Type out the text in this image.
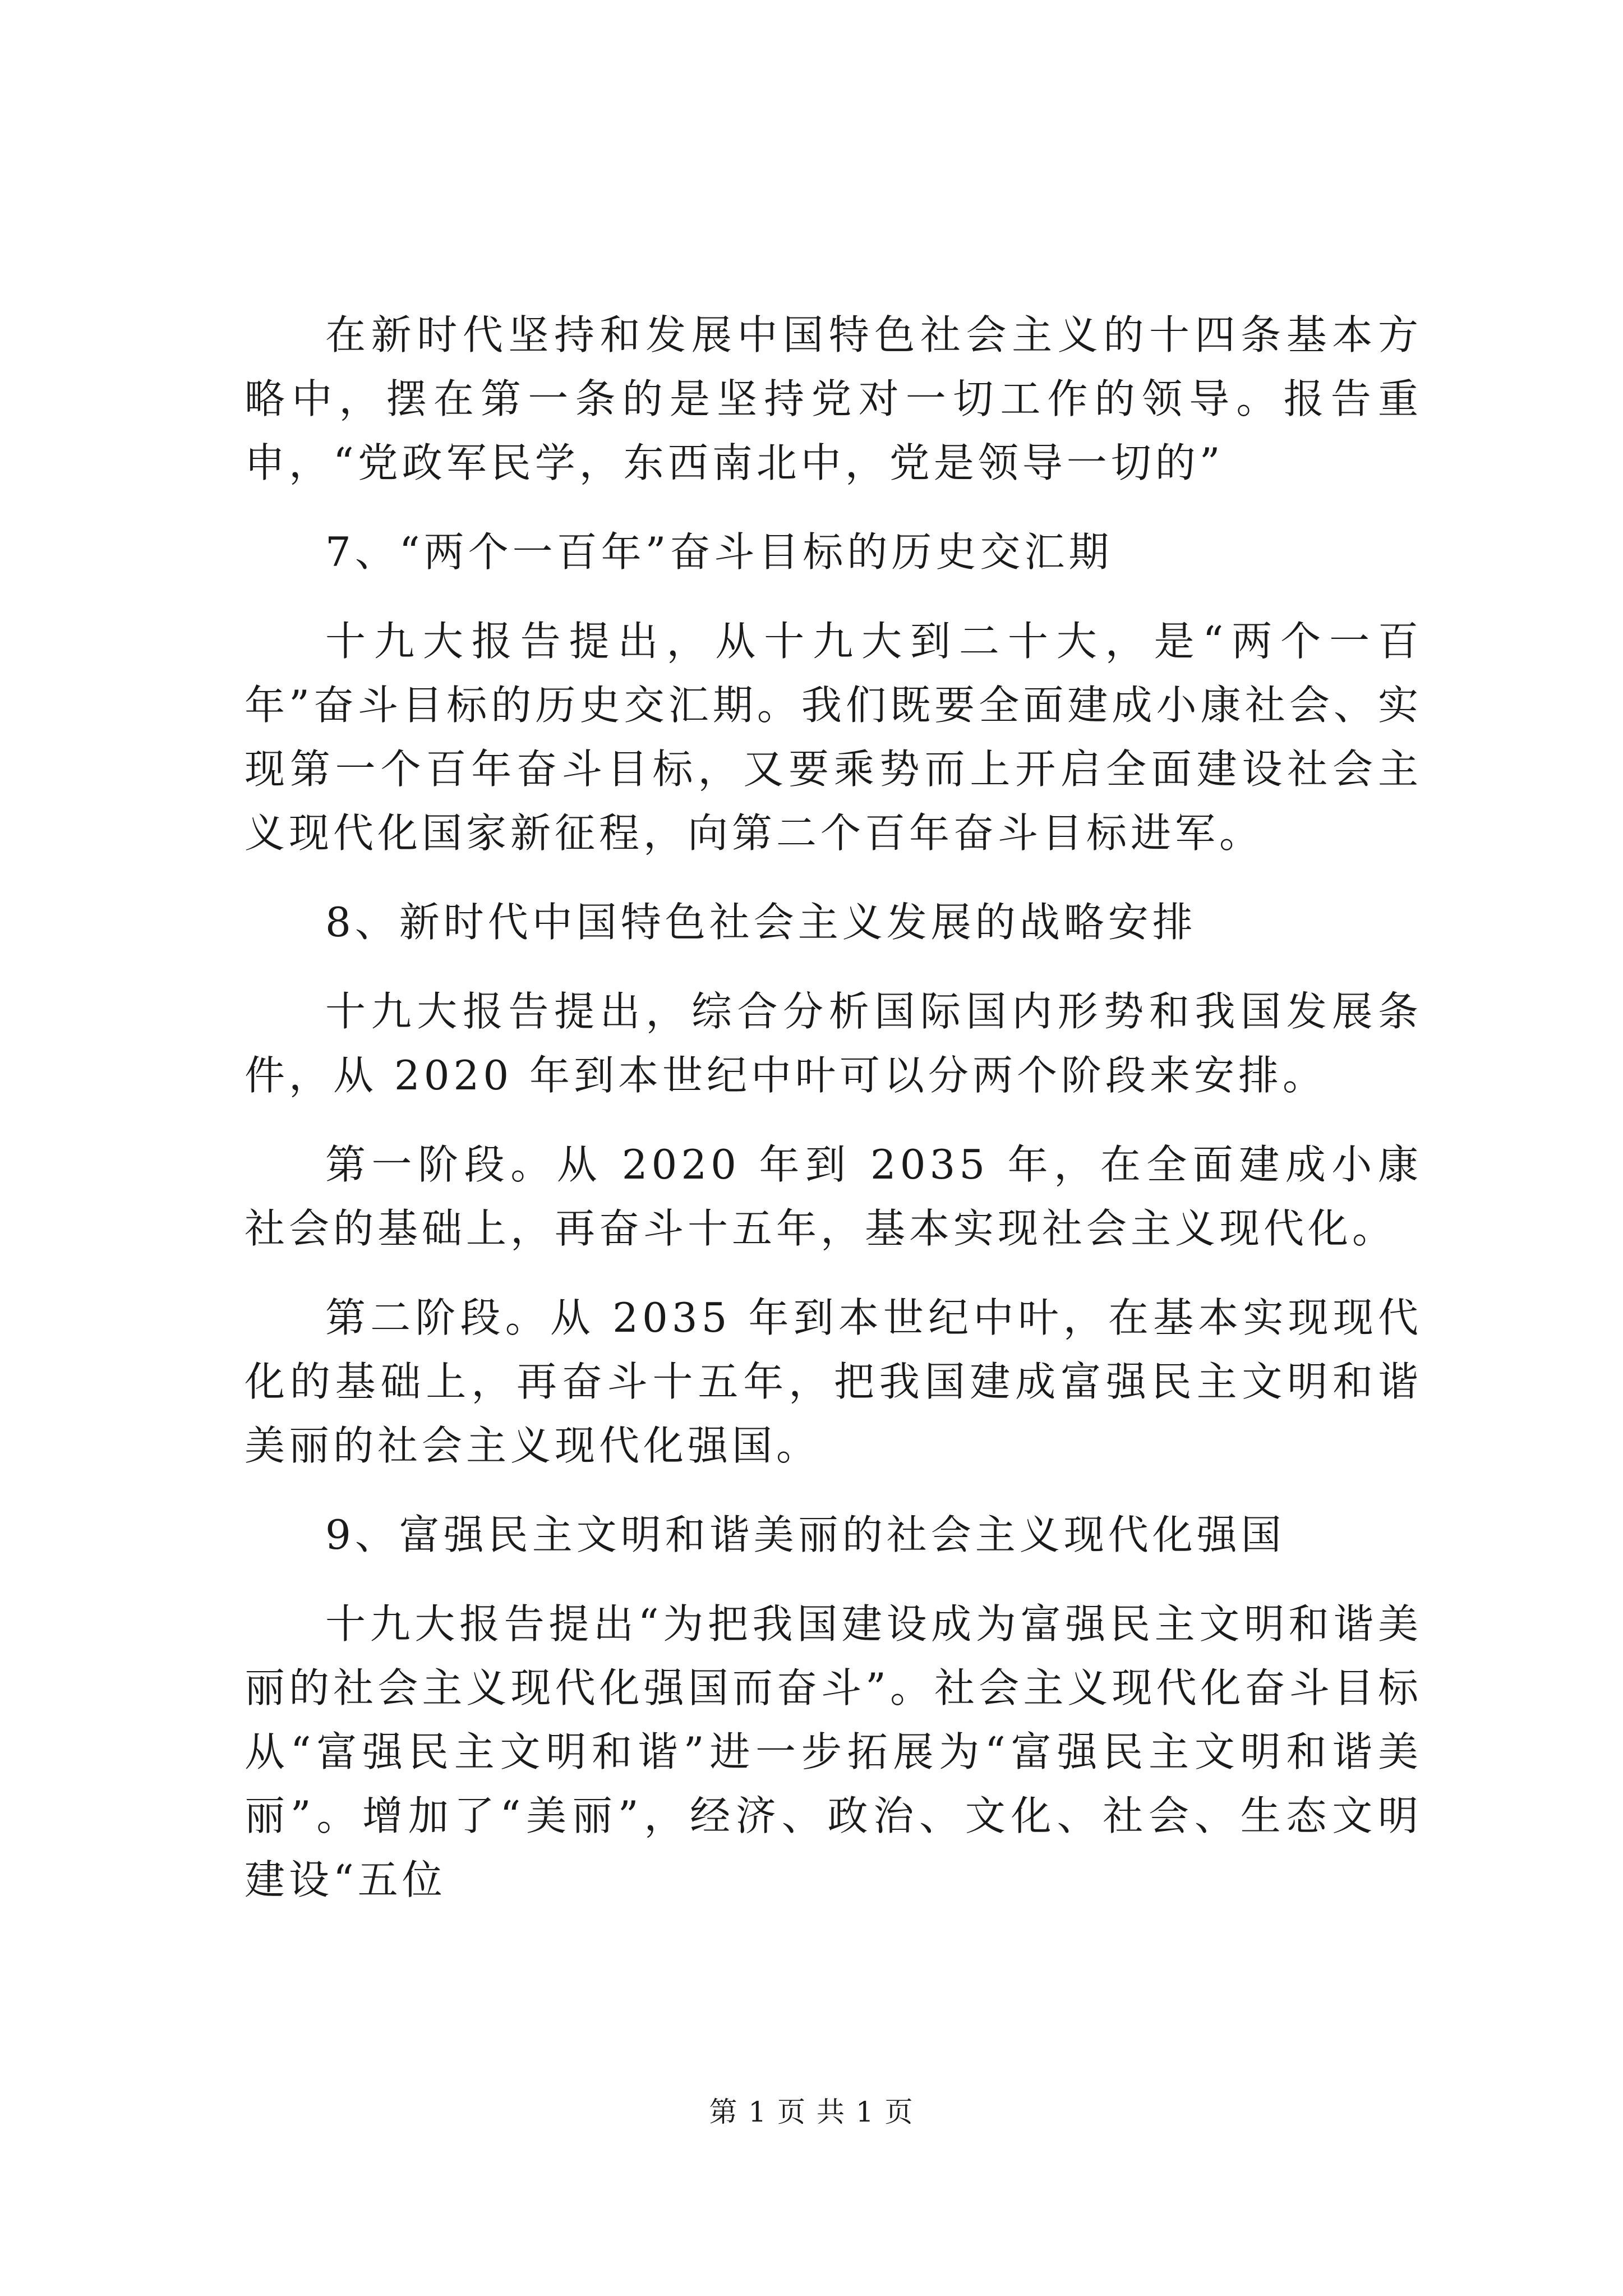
在新时代坚持和发展中国特色社会主义的十四条基本方略中，摆在第一条的是坚持党对一切工作的领导。报告重申，“党政军民学，东西南北中，党是领导一切的”

7、“两个一百年”奋斗目标的历史交汇期

十九大报告提出，从十九大到二十大，是“两个一百年”奋斗目标的历史交汇期。我们既要全面建成小康社会、实现第一个百年奋斗目标，又要乘势而上开启全面建设社会主义现代化国家新征程，向第二个百年奋斗目标进军。

8、新时代中国特色社会主义发展的战略安排

十九大报告提出，综合分析国际国内形势和我国发展条件，从 2020 年到本世纪中叶可以分两个阶段来安排。

第一阶段。从 2020 年到 2035 年，在全面建成小康社会的基础上，再奋斗十五年，基本实现社会主义现代化。

第二阶段。从 2035 年到本世纪中叶，在基本实现现代化的基础上，再奋斗十五年，把我国建成富强民主文明和谐美丽的社会主义现代化强国。

9、富强民主文明和谐美丽的社会主义现代化强国

十九大报告提出“为把我国建设成为富强民主文明和谐美丽的社会主义现代化强国而奋斗”。社会主义现代化奋斗目标从“富强民主文明和谐”进一步拓展为“富强民主文明和谐美丽”。增加了“美丽”，经济、政治、文化、社会、生态文明建设“五位

第 1 页 共 1 页
